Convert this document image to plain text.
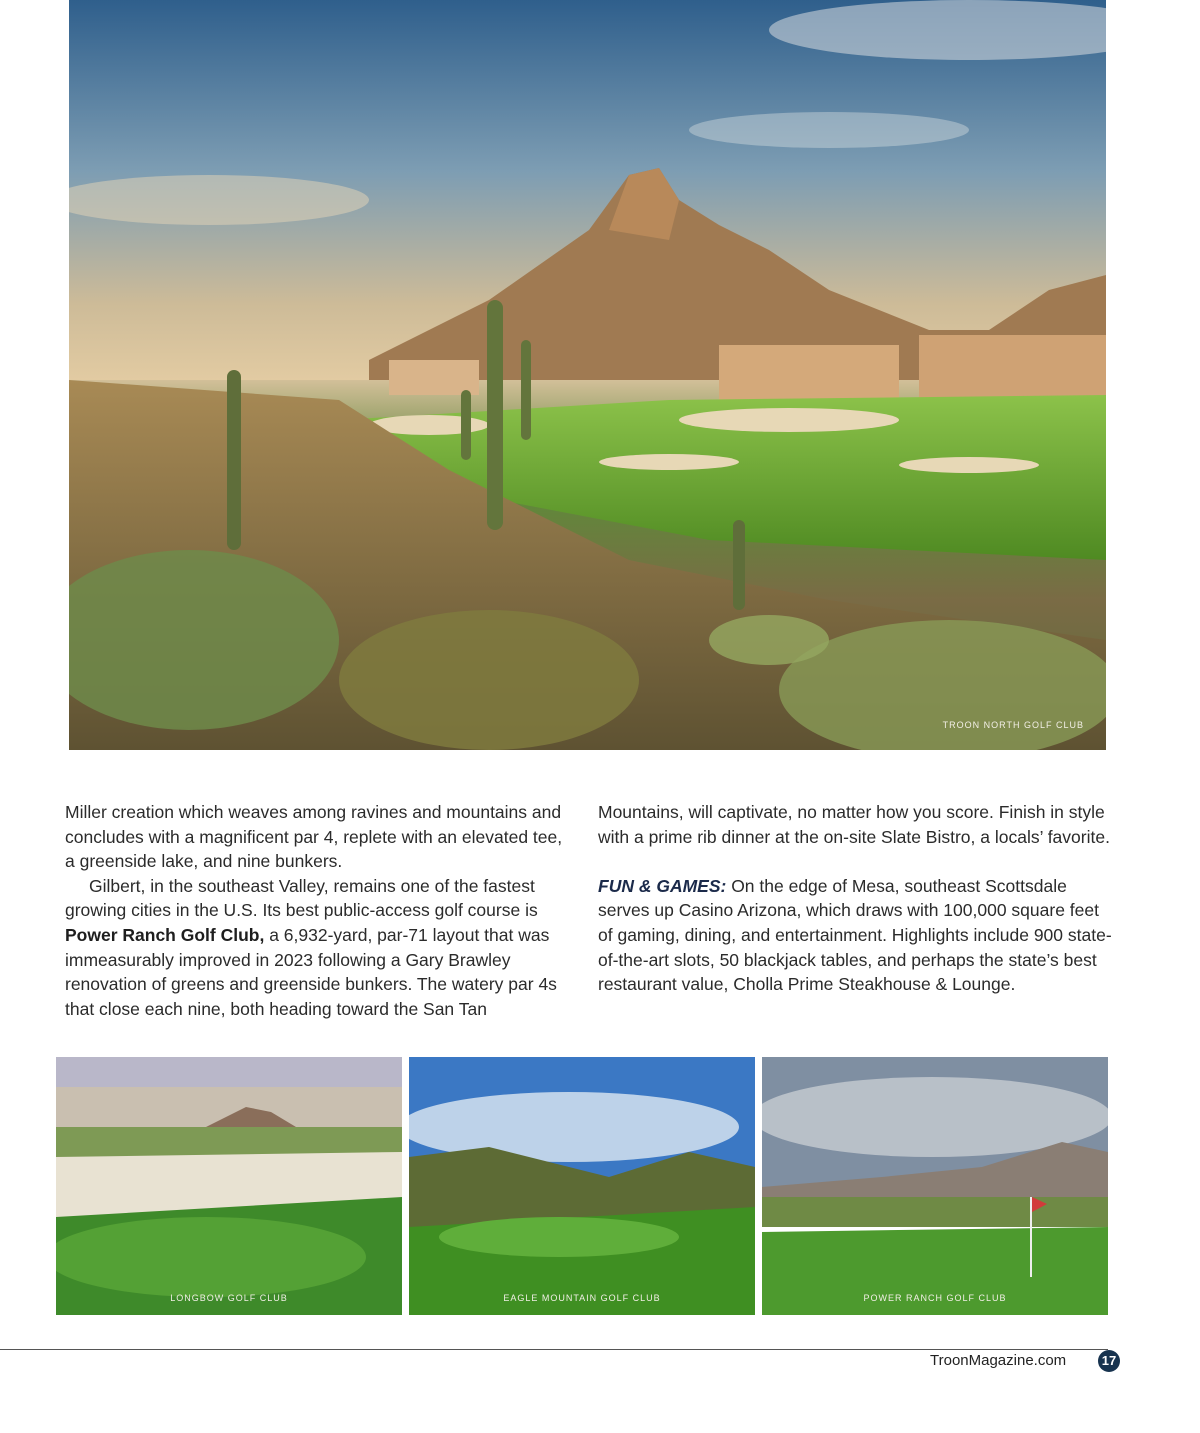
TROON NORTH GOLF CLUB

Miller creation which weaves among ravines and mountains and concludes with a magnificent par 4, replete with an elevated tee, a greenside lake, and nine bunkers.

Gilbert, in the southeast Valley, remains one of the fastest growing cities in the U.S. Its best public-access golf course is Power Ranch Golf Club, a 6,932-yard, par-71 layout that was immeasurably improved in 2023 following a Gary Brawley renovation of greens and greenside bunkers. The watery par 4s that close each nine, both heading toward the San Tan

Mountains, will captivate, no matter how you score. Finish in style with a prime rib dinner at the on-site Slate Bistro, a locals’ favorite.

FUN & GAMES: On the edge of Mesa, southeast Scottsdale serves up Casino Arizona, which draws with 100,000 square feet of gaming, dining, and entertainment. Highlights include 900 state-of-the-art slots, 50 blackjack tables, and perhaps the state’s best restaurant value, Cholla Prime Steakhouse & Lounge.

LONGBOW GOLF CLUB	EAGLE MOUNTAIN GOLF CLUB	POWER RANCH GOLF CLUB
TroonMagazine.com	17
